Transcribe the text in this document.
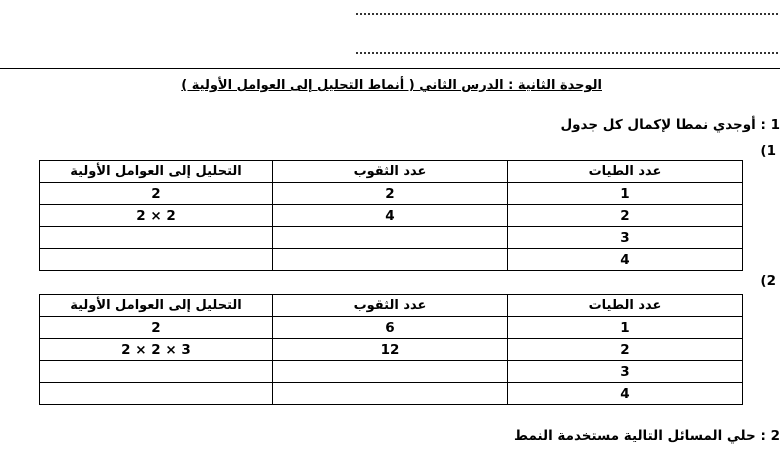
الوحدة الثانية : الدرس الثاني ( أنماط التحليل إلى العوامل الأولية )
1 : أوجدي نمطا لإكمال كل جدول
1)
عدد الطيات	عدد الثقوب	التحليل إلى العوامل الأولية
1	2	2
2	4	2 × 2
3		
4		
2)
عدد الطيات	عدد الثقوب	التحليل إلى العوامل الأولية
1	6	2
2	12	3 × 2 × 2
3		
4		
2 : حلي المسائل التالية مستخدمة النمط
